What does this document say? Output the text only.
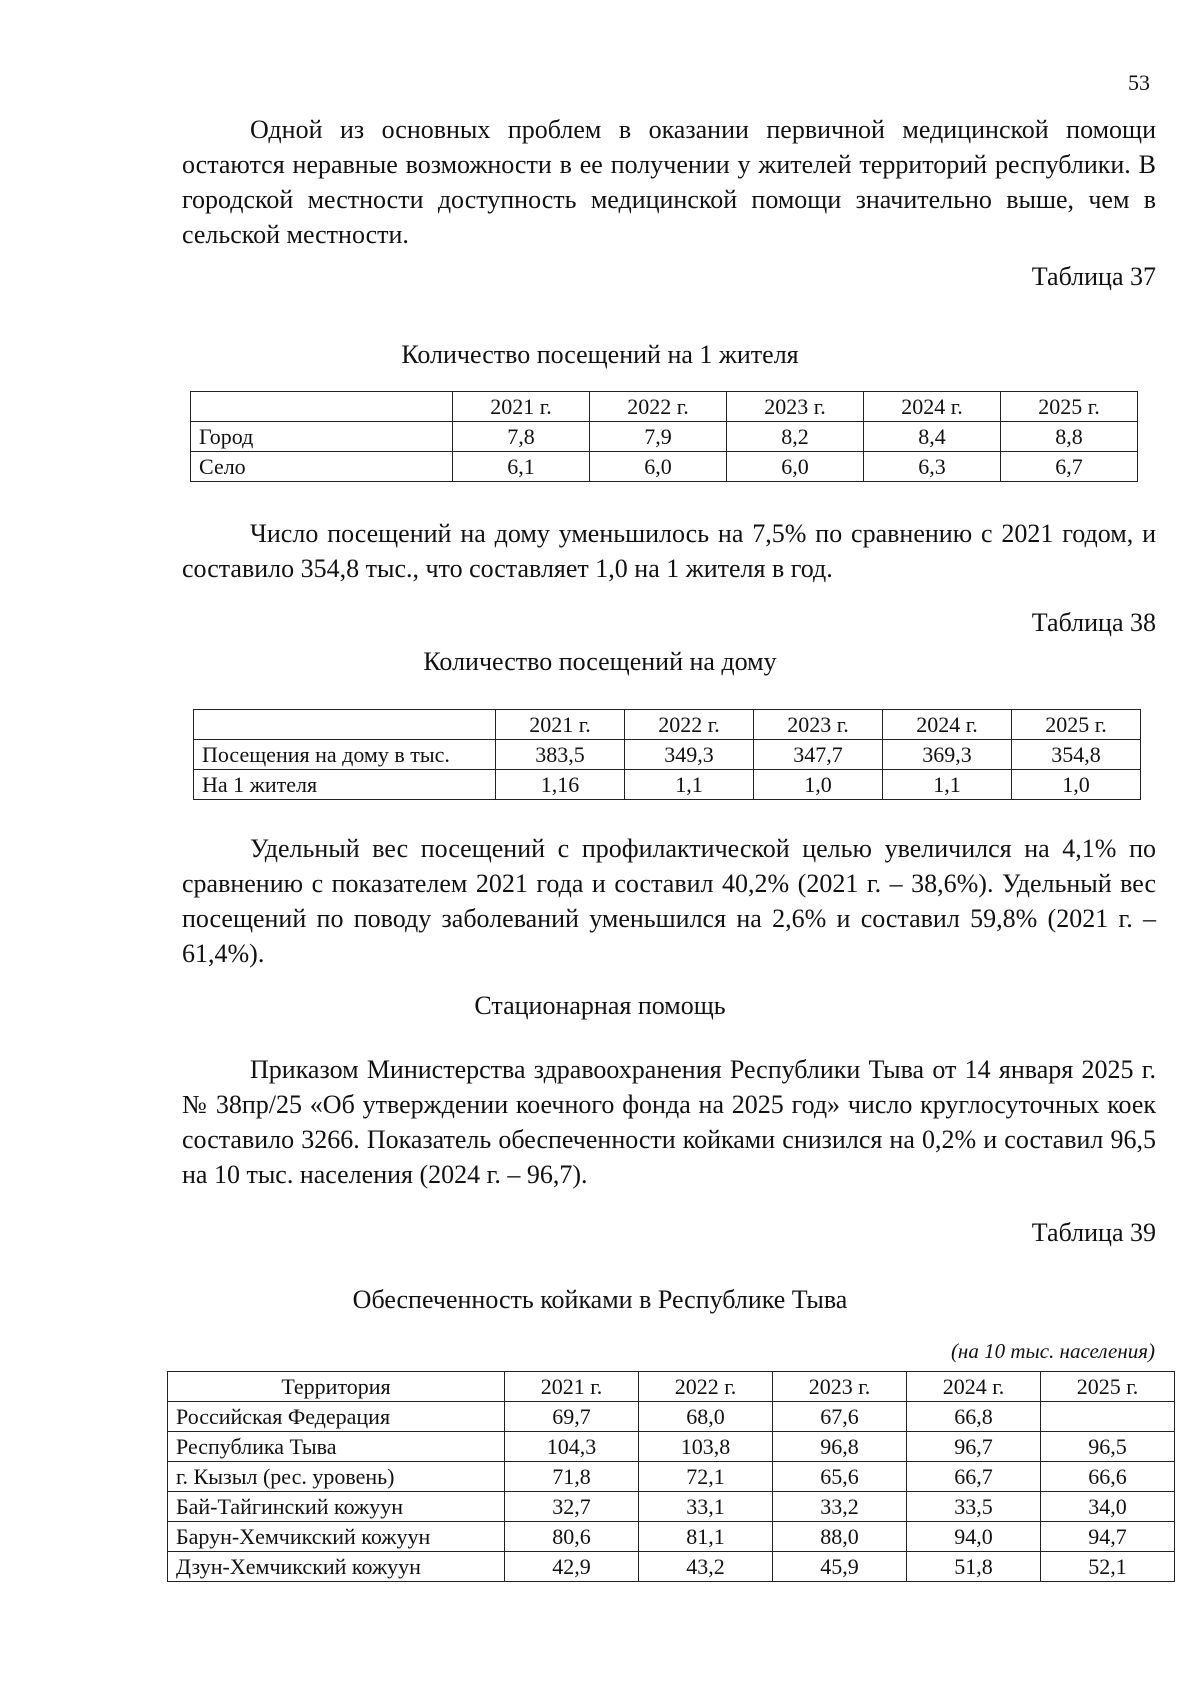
53

Одной из основных проблем в оказании первичной медицинской помощи остаются неравные возможности в ее получении у жителей территорий республики. В городской местности доступность медицинской помощи значительно выше, чем в сельской местности.

Таблица 37
Количество посещений на 1 жителя
	2021 г.	2022 г.	2023 г.	2024 г.	2025 г.
Город	7,8	7,9	8,2	8,4	8,8
Село	6,1	6,0	6,0	6,3	6,7

Число посещений на дому уменьшилось на 7,5% по сравнению с 2021 годом, и составило 354,8 тыс., что составляет 1,0 на 1 жителя в год.

Таблица 38
Количество посещений на дому
	2021 г.	2022 г.	2023 г.	2024 г.	2025 г.
Посещения на дому в тыс.	383,5	349,3	347,7	369,3	354,8
На 1 жителя	1,16	1,1	1,0	1,1	1,0

Удельный вес посещений с профилактической целью увеличился на 4,1% по сравнению с показателем 2021 года и составил 40,2% (2021 г. – 38,6%). Удельный вес посещений по поводу заболеваний уменьшился на 2,6% и составил 59,8% (2021 г. – 61,4%).

Стационарная помощь

Приказом Министерства здравоохранения Республики Тыва от 14 января 2025 г. № 38пр/25 «Об утверждении коечного фонда на 2025 год» число круглосуточных коек составило 3266. Показатель обеспеченности койками снизился на 0,2% и составил 96,5 на 10 тыс. населения (2024 г. – 96,7).

Таблица 39
Обеспеченность койками в Республике Тыва
(на 10 тыс. населения)
Территория	2021 г.	2022 г.	2023 г.	2024 г.	2025 г.
Российская Федерация	69,7	68,0	67,6	66,8	
Республика Тыва	104,3	103,8	96,8	96,7	96,5
г. Кызыл (рес. уровень)	71,8	72,1	65,6	66,7	66,6
Бай-Тайгинский кожуун	32,7	33,1	33,2	33,5	34,0
Барун-Хемчикский кожуун	80,6	81,1	88,0	94,0	94,7
Дзун-Хемчикский кожуун	42,9	43,2	45,9	51,8	52,1
